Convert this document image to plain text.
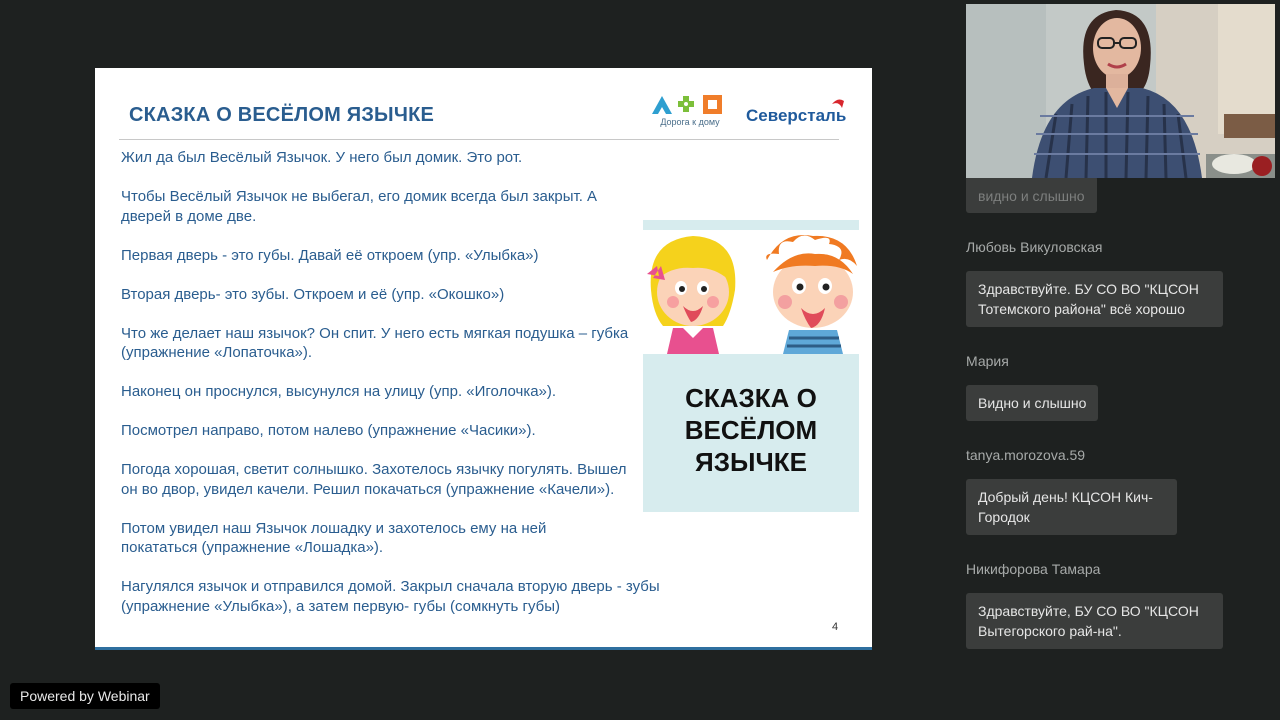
СКАЗКА О ВЕСЁЛОМ ЯЗЫЧКЕ	Дорога к дому	Северсталь

Жил да был Весёлый Язычок. У него был домик. Это рот.

Чтобы Весёлый Язычок не выбегал, его домик всегда был закрыт. А дверей в доме две.

Первая дверь - это губы. Давай её откроем (упр. «Улыбка»)

Вторая дверь- это зубы. Откроем и её (упр. «Окошко»)

Что же делает наш язычок? Он спит. У него есть мягкая подушка – губка (упражнение «Лопаточка»).

Наконец он проснулся, высунулся на улицу (упр. «Иголочка»).

Посмотрел направо, потом налево (упражнение «Часики»).

Погода хорошая, светит солнышко. Захотелось язычку погулять. Вышел он во двор, увидел качели. Решил покачаться (упражнение «Качели»).

Потом увидел наш Язычок лошадку и захотелось ему на ней покататься (упражнение «Лошадка»).

Нагулялся язычок и отправился домой. Закрыл сначала вторую дверь - зубы (упражнение «Улыбка»), а затем первую- губы (сомкнуть губы)

СКАЗКА О
ВЕСЁЛОМ
ЯЗЫЧКЕ
4
видно и слышно
Любовь Викуловская
Здравствуйте. БУ СО ВО "КЦСОН Тотемского района" всё хорошо
Мария
Видно и слышно
tanya.morozova.59
Добрый день! КЦСОН Кич-Городок
Никифорова Тамара
Здравствуйте, БУ СО ВО "КЦСОН Вытегорского рай-на".
Powered by Webinar
